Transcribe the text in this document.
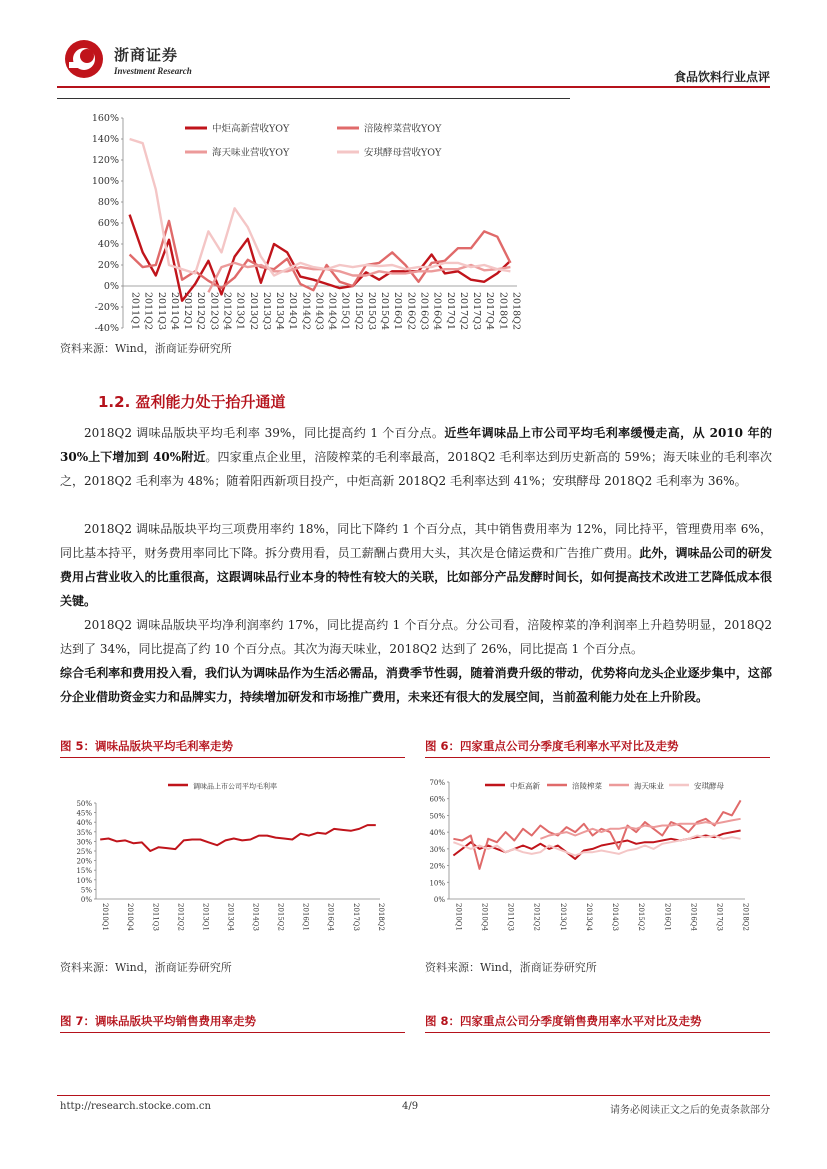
浙商证券
Investment Research	食品饮料行业点评
160%
140%
120%
100%
80%
60%
40%
20%
0%
-20%
-40% 2011Q1 2011Q2 2011Q3 2011Q4 2012Q1 2012Q2 2012Q3 2012Q4 2013Q1 2013Q2 2013Q3 2013Q4 2014Q1 2014Q2 2014Q3 2014Q4 2015Q1 2015Q2 2015Q3 2015Q4 2016Q1 2016Q2 2016Q3 2016Q4 2017Q1 2017Q2 2017Q3 2017Q4 2018Q1 2018Q2
中炬高新营收YOY	涪陵榨菜营收YOY
海天味业营收YOY	安琪酵母营收YOY
资料来源：Wind，浙商证券研究所
1.2. 盈利能力处于抬升通道

2018Q2 调味品版块平均毛利率 39%，同比提高约 1 个百分点。近些年调味品上市公司平均毛利率缓慢走高，从 2010 年的 30%上下增加到 40%附近。四家重点企业里，涪陵榨菜的毛利率最高，2018Q2 毛利率达到历史新高的 59%；海天味业的毛利率次之，2018Q2 毛利率为 48%；随着阳西新项目投产，中炬高新 2018Q2 毛利率达到 41%；安琪酵母 2018Q2 毛利率为 36%。

2018Q2 调味品版块平均三项费用率约 18%，同比下降约 1 个百分点，其中销售费用率为 12%，同比持平，管理费用率 6%，同比基本持平，财务费用率同比下降。拆分费用看，员工薪酬占费用大头，其次是仓储运费和广告推广费用。此外，调味品公司的研发费用占营业收入的比重很高，这跟调味品行业本身的特性有较大的关联，比如部分产品发酵时间长，如何提高技术改进工艺降低成本很关键。

2018Q2 调味品版块平均净利润率约 17%，同比提高约 1 个百分点。分公司看，涪陵榨菜的净利润率上升趋势明显，2018Q2 达到了 34%，同比提高了约 10 个百分点。其次为海天味业，2018Q2 达到了 26%，同比提高 1 个百分点。

综合毛利率和费用投入看，我们认为调味品作为生活必需品，消费季节性弱，随着消费升级的带动，优势将向龙头企业逐步集中，这部分企业借助资金实力和品牌实力，持续增加研发和市场推广费用，未来还有很大的发展空间，当前盈利能力处在上升阶段。

图 5：调味品版块平均毛利率走势
50%
45%
40%
35%
30%
25%
20%
15%
10%
5%
0%
2010Q1 2010Q4 2011Q3 2012Q2 2013Q1 2013Q4 2014Q3 2015Q2 2016Q1 2016Q4 2017Q3 2018Q2
调味品上市公司平均毛利率
资料来源：Wind，浙商证券研究所
图 6：四家重点公司分季度毛利率水平对比及走势
70%
60%
50%
40%
30%
20%
10%
0%
2010Q1	2010Q4	2011Q3	2012Q2	2013Q1	2013Q4	2014Q3	2015Q2	2016Q1	2016Q4	2017Q3	2018Q2
中炬高新	涪陵榨菜	海天味业	安琪酵母
资料来源：Wind，浙商证券研究所
图 7：调味品版块平均销售费用率走势	图 8：四家重点公司分季度销售费用率水平对比及走势
http://research.stocke.com.cn	4/9	请务必阅读正文之后的免责条款部分
